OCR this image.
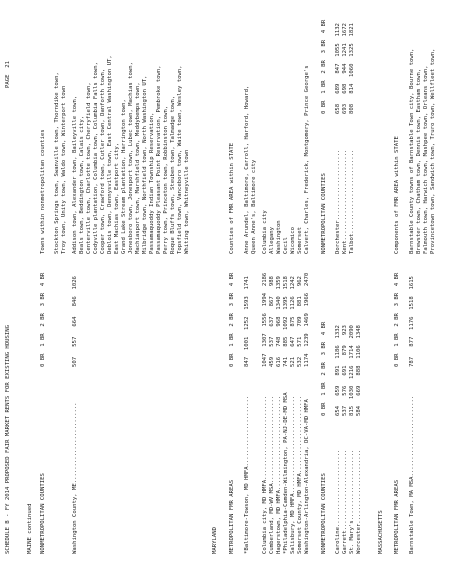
SCHEDULE B - FY 2014 PROPOSED FAIR MARKET RENTS FOR EXISTING HOUSING

PAGE  21

MAINE continued

NONMETROPOLITAN COUNTIES

0 BR  1 BR  2 BR  3 BR  4 BR

Towns within nonmetropolitan counties

Stockton Springs town, Swanville town, Thorndike town,

Troy town, Unity town, Waldo town, Winterport town

Washington County, ME........................

507   557   664   846  1026

Addison town, Alexander town, Baileyville town,

Beals town, Beddington town, Calais city,

Centerville town, Charlotte town, Cherryfield town,

Codyville plantation, Columbia town, Columbia Falls town,

Cooper town, Crawford town, Cutler town, Danforth town,

Deblois town, Dennysville town, East Central Washington UT,

East Machias town, Eastport city,

Grand Lake Stream plantation, Harrington town,

Jonesboro town, Jonesport town, Lubec town, Machias town,

Machiasport town, Marshfield town, Meddybemps town,

Milbridge town, Northfield town, North Washington UT,

Passamaquoddy Indian Township Reservation,

Passamaquoddy Pleasant Point Reservation, Pembroke town,

Perry town, Princeton town, Robbinston town,

Roque Bluffs town, Steuben town, Talmadge town,

Topsfield town, Vanceboro town, Waite town, Wesley town,

Whiting town, Whitneyville town

MARYLAND

METROPOLITAN FMR AREAS

0 BR  1 BR  2 BR  3 BR  4 BR

Counties of FMR AREA within STATE

*Baltimore-Towson, MD HMFA.....................

847  1001  1252  1593  1741

Anne Arundel, Baltimore, Carroll, Harford, Howard,

Queen Anne's, Baltimore city

Columbia city, MD HMFA.........................

1047  1307  1556  1994  2186

Columbia city

Cumberland, MD-WV MSA..........................

459   537   637   867   988

Allegany

Hagerstown, MD HMFA............................

616   748   968  1340  1359

Washington

*Philadelphia-Camden-Wilmington, PA-NJ-DE-MD MSA

741   885  1092  1395  1518

Cecil

Salisbury, MD HMFA.............................

521   647   875  1126  1242

Wicomico

Somerset County, MD HMFA.......................

532   571   709   881   962

Somerset

Washington-Arlington-Alexandria, DC-VA-MD HMFA

1174  1239  1469  1966  2470

Calvert, Charles, Frederick, Montgomery, Prince George's

NONMETROPOLITAN COUNTIES

0 BR  1 BR  2 BR  3 BR  4 BR

NONMETROPOLITAN COUNTIES

0 BR  1 BR  2 BR  3 BR  4 BR

Caroline.......................

654   659   891  1186  1332

Dorchester.....................

658   689   847  1055  1132

Garrett........................

537   576   691   879   923

Kent...........................

693   698   944  1241  1672

St. Mary's.....................

815  1030  1216  1714  2090

Talbot.........................

808   814  1060  1325  1821

Worcester......................

584   669   888  1106  1348

MASSACHUSETTS

METROPOLITAN FMR AREAS

0 BR  1 BR  2 BR  3 BR  4 BR

Components of FMR AREA within STATE

Barnstable Town, MA MSA........................

787   877  1176  1518  1615

Barnstable County towns of Barnstable Town city, Bourne town,

Brewster town, Chatham town, Dennis town, Eastham town,

Falmouth town, Harwich town, Mashpee town, Orleans town,

Provincetown town, Sandwich town, Truro town, Wellfleet town,
